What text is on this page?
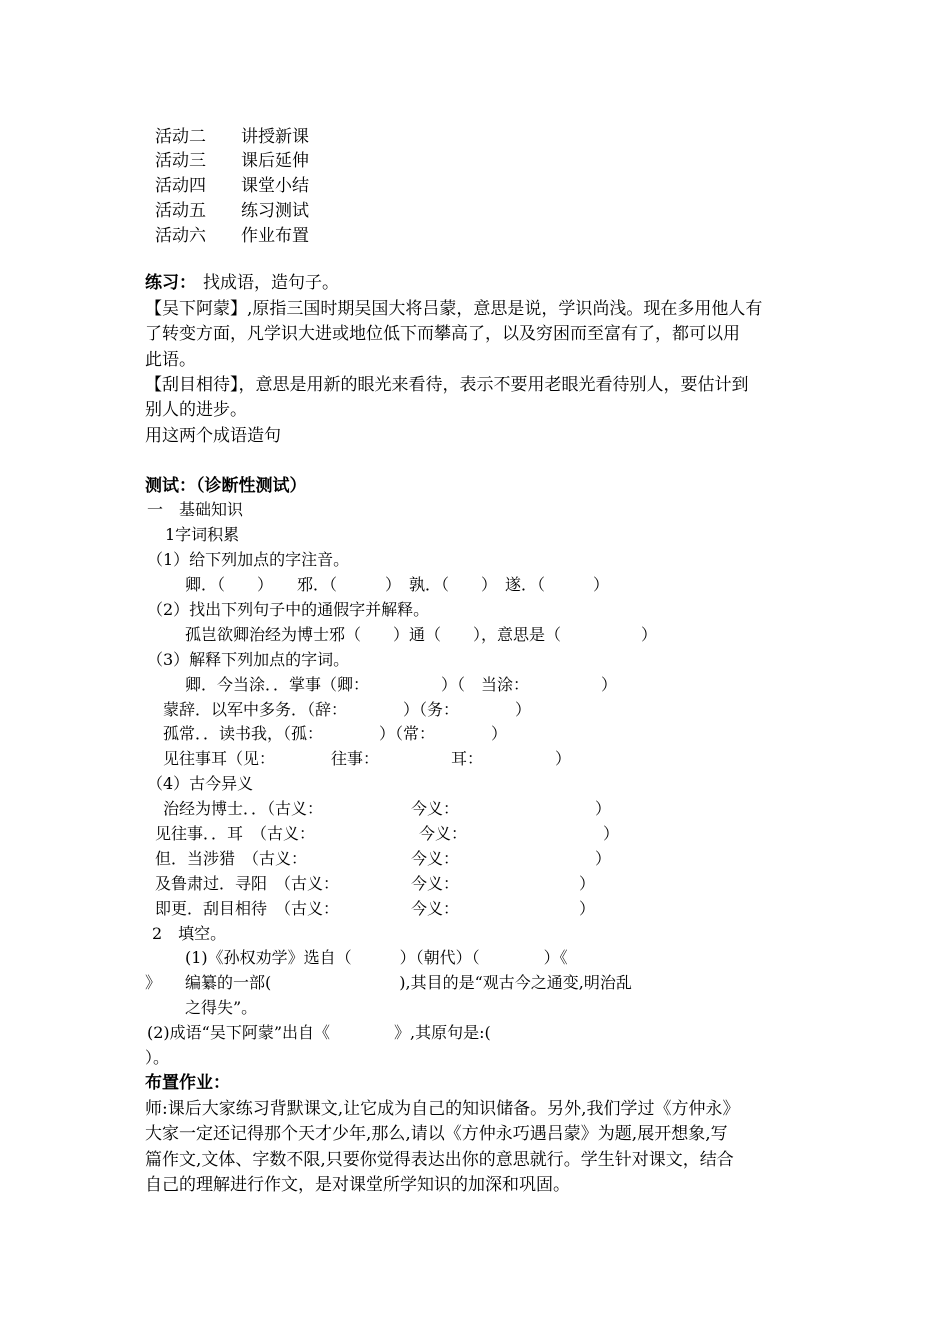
活动二 讲授新课
活动三 课后延伸
活动四 课堂小结
活动五 练习测试
活动六 作业布置
练习： 找成语，造句子。
【吴下阿蒙】,原指三国时期吴国大将吕蒙，意思是说，学识尚浅。现在多用他人有
了转变方面，凡学识大进或地位低下而攀高了，以及穷困而至富有了，都可以用
此语。
【刮目相待】，意思是用新的眼光来看待，表示不要用老眼光看待别人，要估计到
别人的进步。
用这两个成语造句
测试：（诊断性测试）
一　基础知识
1字词积累
（1）给下列加点的字注音。
卿．（　　）　　邪．（　　　）　孰．（　　）　遂．（　　　）
（2）找出下列句子中的通假字并解释。
孤岂欲卿治经为博士邪（　　）通（　　），意思是（　　　　　）
（3）解释下列加点的字词。
卿．今当涂．．掌事（卿：　　　　　）（　当涂：　　　　　）
蒙辞．以军中多务．（辞：　　　　）（务：　　　　）
孤常．．读书我，（孤：　　　　）（常：　　　　）
见往事耳（见：　　　　往事：　　　　　耳：　　　　　）
（4）古今异义
治经为博士．．（古义：　　　　　　今义：　　　　　　　　　）
见往事．．耳　（古义：　　　　　　　今义：　　　　　　　　　）
但．当涉猎　（古义：　　　　　　　今义：　　　　　　　　　）
及鲁肃过．寻阳　（古义：　　　　　今义：　　　　　　　　）
即更．刮目相待　（古义：　　　　　今义：　　　　　　　　）
2　填空。
(1)《孙权劝学》选自（　　　）（朝代）（　　　　）《
》　　编纂的一部(　　　　　　　　),其目的是“观古今之通变,明治乱
之得失”。
(2)成语“吴下阿蒙”出自《　　　　》,其原句是:(
）。
布置作业：
师:课后大家练习背默课文,让它成为自己的知识储备。另外,我们学过《方仲永》
大家一定还记得那个天才少年,那么,请以《方仲永巧遇吕蒙》为题,展开想象,写
篇作文,文体、字数不限,只要你觉得表达出你的意思就行。学生针对课文，结合
自己的理解进行作文，是对课堂所学知识的加深和巩固。
